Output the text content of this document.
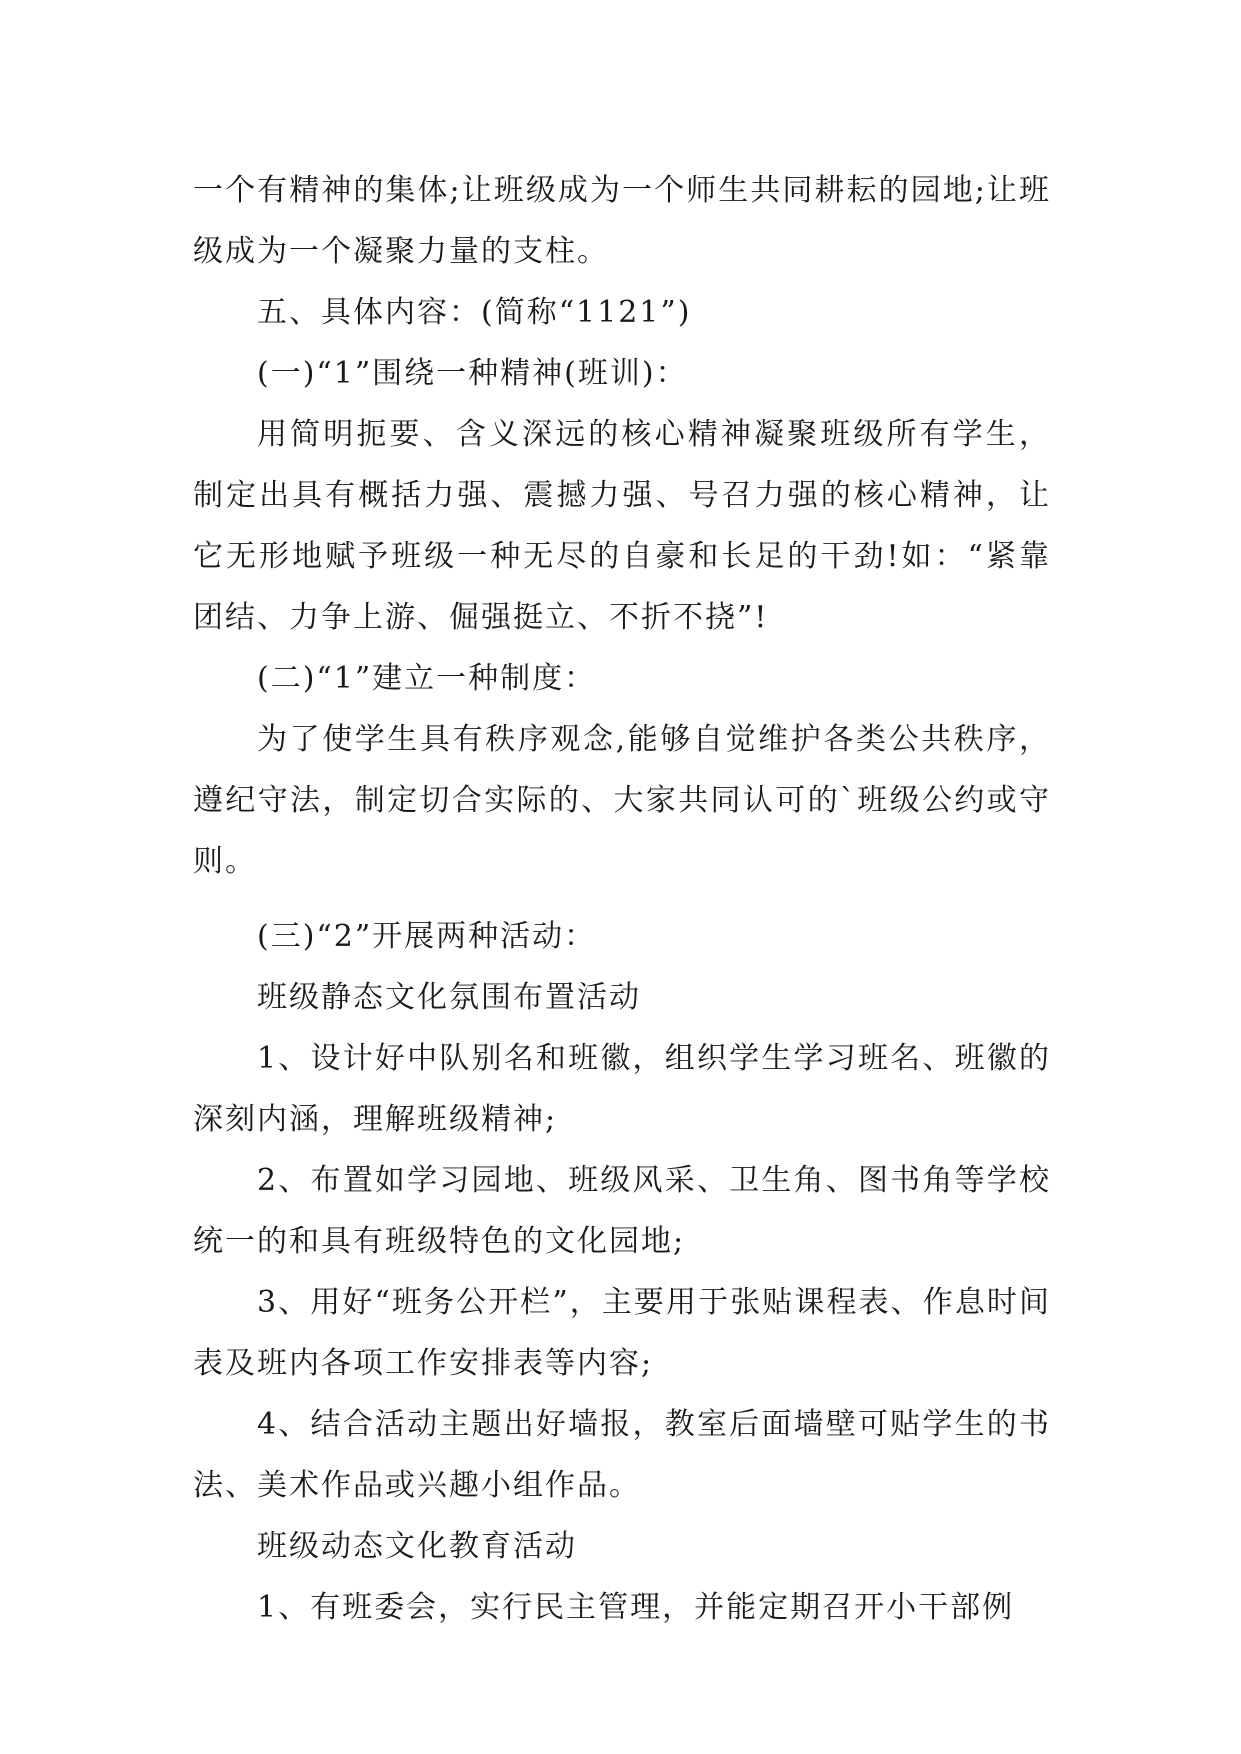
一个有精神的集体;让班级成为一个师生共同耕耘的园地;让班级成为一个凝聚力量的支柱。

五、具体内容：(简称“1121”)

(一)“1”围绕一种精神(班训)：

用简明扼要、含义深远的核心精神凝聚班级所有学生，制定出具有概括力强、震撼力强、号召力强的核心精神，让它无形地赋予班级一种无尽的自豪和长足的干劲!如：“紧靠团结、力争上游、倔强挺立、不折不挠”!

(二)“1”建立一种制度：

为了使学生具有秩序观念,能够自觉维护各类公共秩序，遵纪守法，制定切合实际的、大家共同认可的`班级公约或守则。

(三)“2”开展两种活动：

班级静态文化氛围布置活动

1、设计好中队别名和班徽，组织学生学习班名、班徽的深刻内涵，理解班级精神;

2、布置如学习园地、班级风采、卫生角、图书角等学校统一的和具有班级特色的文化园地;

3、用好“班务公开栏”，主要用于张贴课程表、作息时间表及班内各项工作安排表等内容;

4、结合活动主题出好墙报，教室后面墙壁可贴学生的书法、美术作品或兴趣小组作品。

班级动态文化教育活动

1、有班委会，实行民主管理，并能定期召开小干部例
